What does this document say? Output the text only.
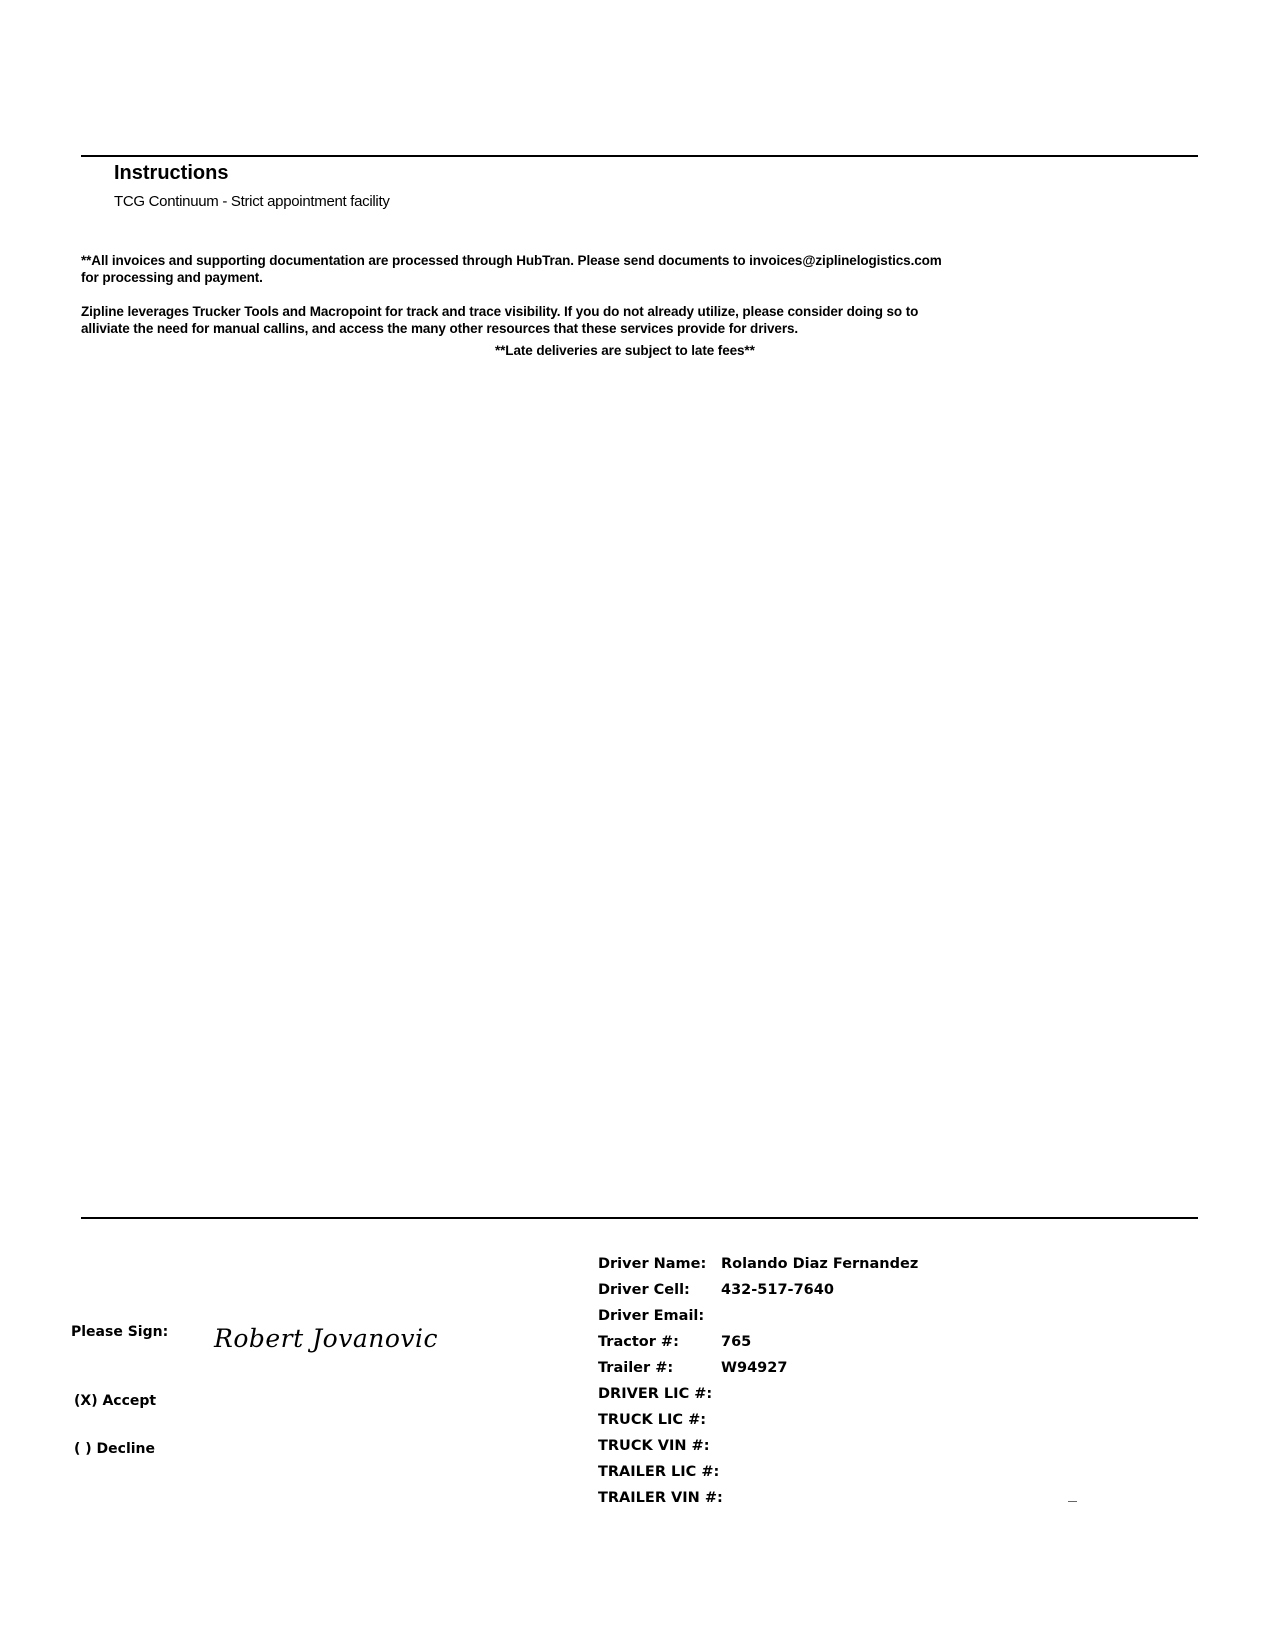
Instructions
TCG Continuum - Strict appointment facility
**All invoices and supporting documentation are processed through HubTran. Please send documents to invoices@ziplinelogistics.com
for processing and payment.
Zipline leverages Trucker Tools and Macropoint for track and trace visibility. If you do not already utilize, please consider doing so to
alliviate the need for manual callins, and access the many other resources that these services provide for drivers.
**Late deliveries are subject to late fees**
Please Sign: Robert Jovanovic
(X) Accept
( ) Decline
Driver Name: Rolando Diaz Fernandez
Driver Cell: 432-517-7640
Driver Email:
Tractor #:	765
Trailer #:	W94927
DRIVER LIC #:
TRUCK LIC #:
TRUCK VIN #:
TRAILER LIC #:
TRAILER VIN #:
